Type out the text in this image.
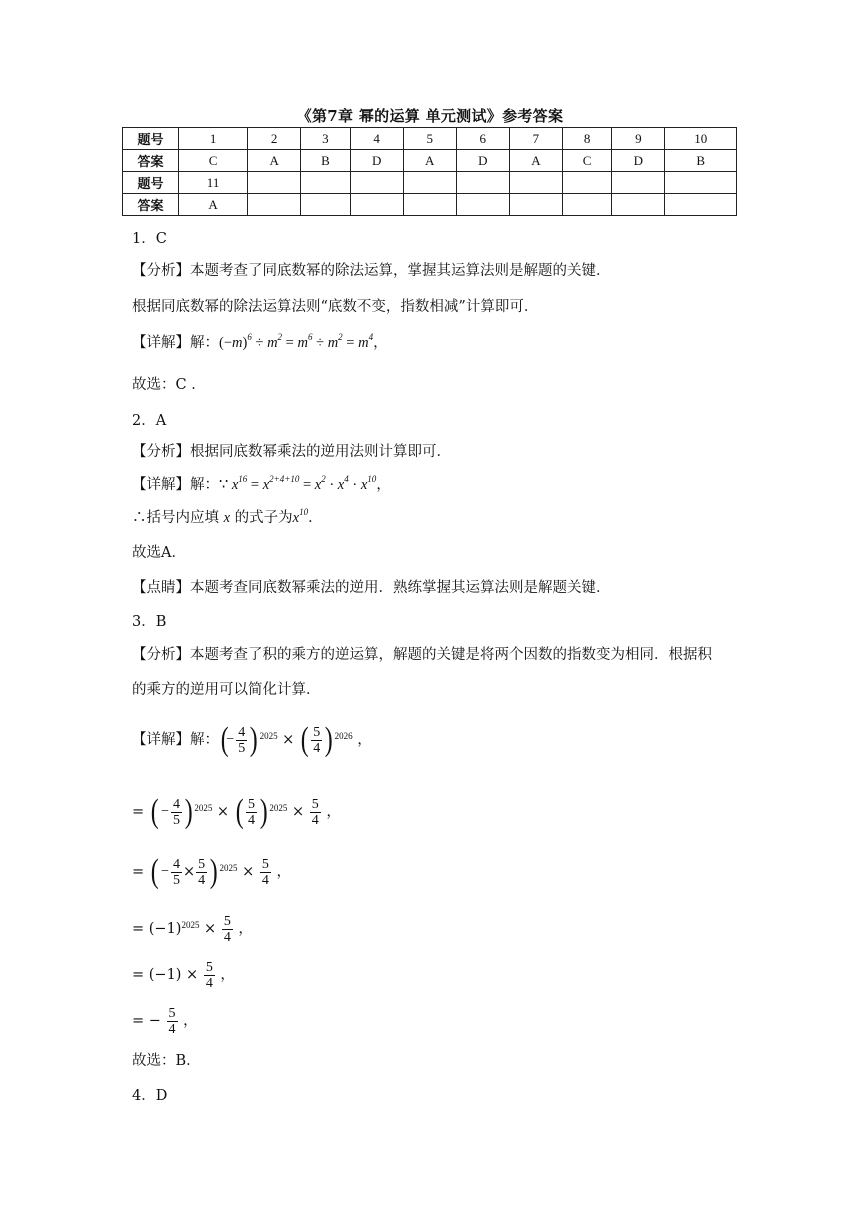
《第7章 幂的运算 单元测试》参考答案
题号	1	2	3	4	5	6	7	8	9	10
答案	C	A	B	D	A	D	A	C	D	B
题号	11									
答案	A									
1．C
【分析】本题考查了同底数幂的除法运算，掌握其运算法则是解题的关键．
根据同底数幂的除法运算法则“底数不变，指数相减”计算即可．
【详解】解：$(-m)^6 \div m^2 = m^6 \div m^2 = m^4$，
故选：C ．
2．A
【分析】根据同底数幂乘法的逆用法则计算即可．
【详解】解：∵ $x^{16} = x^{2+4+10} = x^2 \cdot x^4 \cdot x^{10}$，
∴括号内应填 x 的式子为$x^{10}$．
故选A．
【点睛】本题考查同底数幂乘法的逆用．熟练掌握其运算法则是解题关键．
3．B
【分析】本题考查了积的乘方的逆运算，解题的关键是将两个因数的指数变为相同．根据积
的乘方的逆用可以简化计算．
【详解】解：(− $\frac{4}{5}$ ) 2025 × ( $\frac{5}{4}$ ) 2026 ，
= ( − $\frac{4}{5}$ ) 2025 × ( $\frac{5}{4}$ ) $2025 \times \frac{5}{4}$ ，
= ( − $\frac{4}{5} \times \frac{5}{4}$ ) $2025 \times \frac{5}{4}$ ，
= $(-1)2025 \times \frac{5}{4}$ ，
= $(-1) \times \frac{5}{4}$ ，
= − $\frac{5}{4}$ ，
故选：B．
4．D
